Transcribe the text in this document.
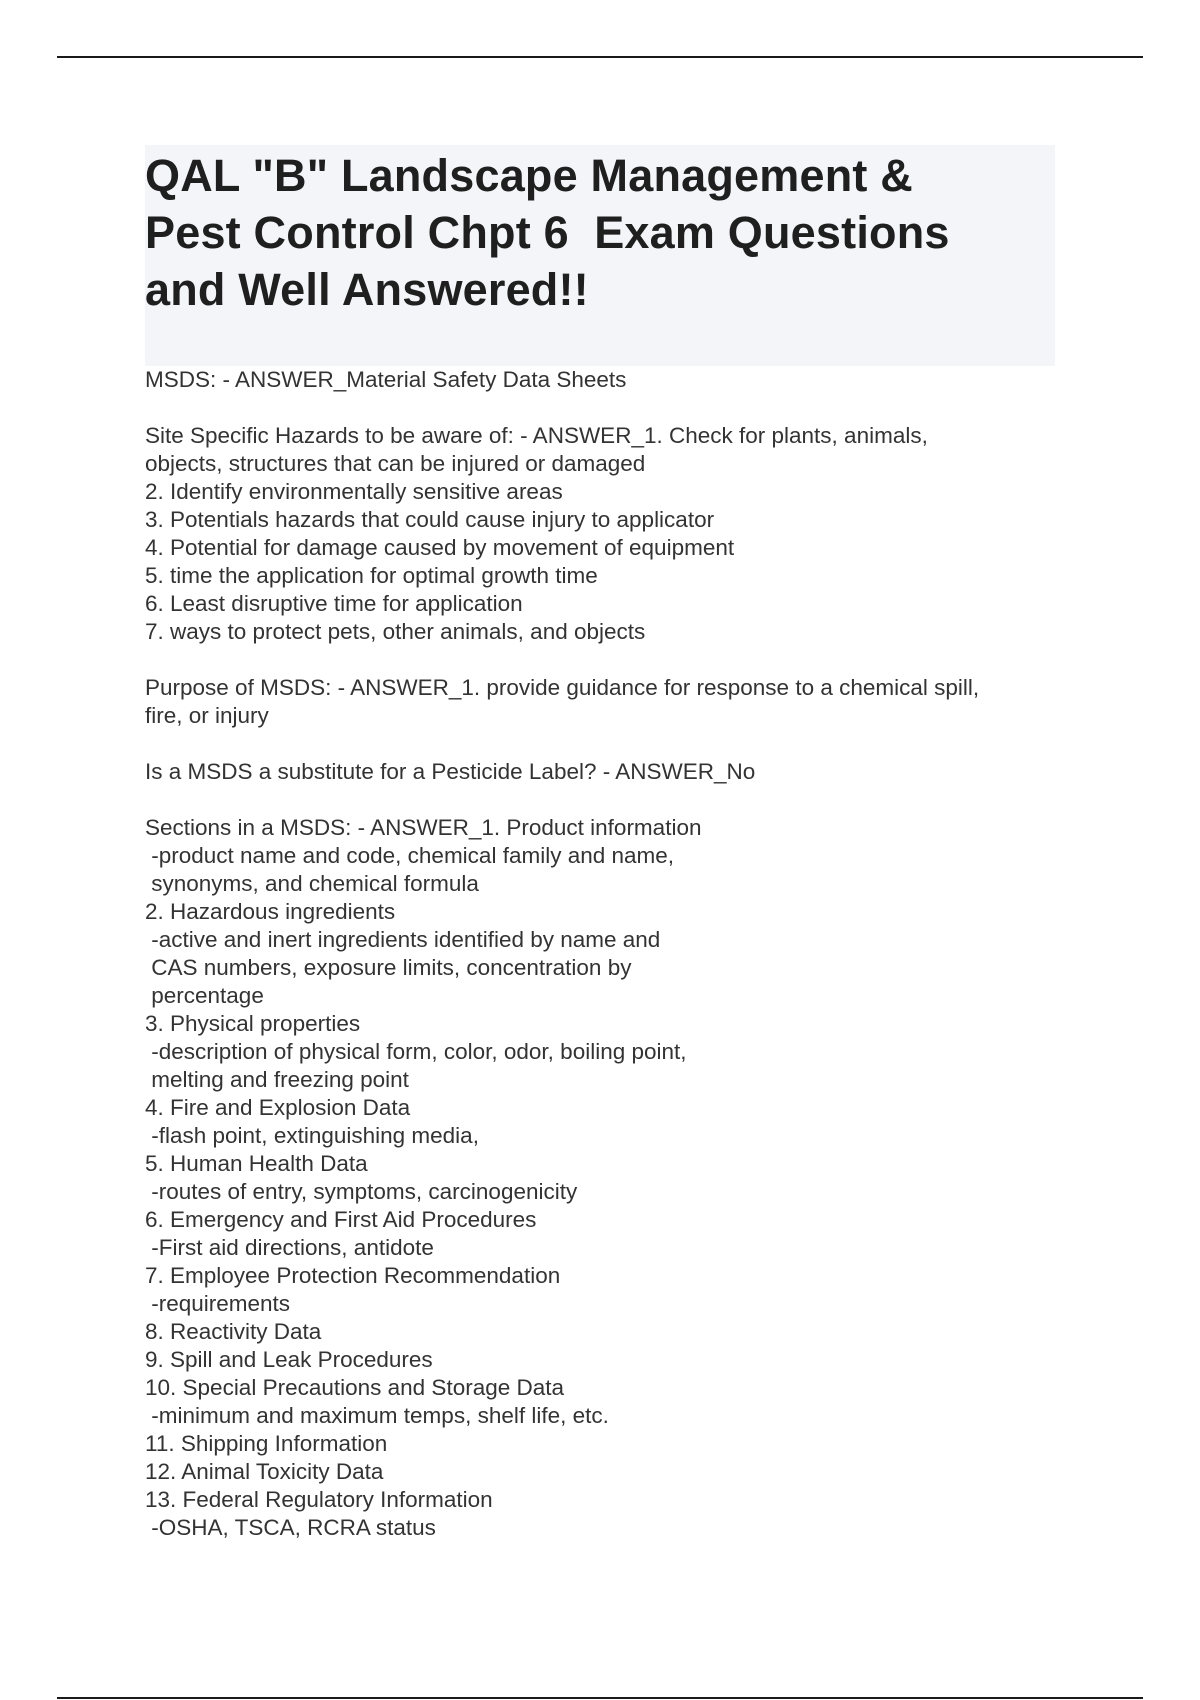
QAL "B" Landscape Management &
Pest Control Chpt 6  Exam Questions
and Well Answered!!
MSDS: - ANSWER_Material Safety Data Sheets
Site Specific Hazards to be aware of: - ANSWER_1. Check for plants, animals,
objects, structures that can be injured or damaged
2. Identify environmentally sensitive areas
3. Potentials hazards that could cause injury to applicator
4. Potential for damage caused by movement of equipment
5. time the application for optimal growth time
6. Least disruptive time for application
7. ways to protect pets, other animals, and objects
Purpose of MSDS: - ANSWER_1. provide guidance for response to a chemical spill,
fire, or injury
Is a MSDS a substitute for a Pesticide Label? - ANSWER_No
Sections in a MSDS: - ANSWER_1. Product information
-product name and code, chemical family and name,
synonyms, and chemical formula
2. Hazardous ingredients
-active and inert ingredients identified by name and
CAS numbers, exposure limits, concentration by
percentage
3. Physical properties
-description of physical form, color, odor, boiling point,
melting and freezing point
4. Fire and Explosion Data
-flash point, extinguishing media,
5. Human Health Data
-routes of entry, symptoms, carcinogenicity
6. Emergency and First Aid Procedures
-First aid directions, antidote
7. Employee Protection Recommendation
-requirements
8. Reactivity Data
9. Spill and Leak Procedures
10. Special Precautions and Storage Data
-minimum and maximum temps, shelf life, etc.
11. Shipping Information
12. Animal Toxicity Data
13. Federal Regulatory Information
-OSHA, TSCA, RCRA status
